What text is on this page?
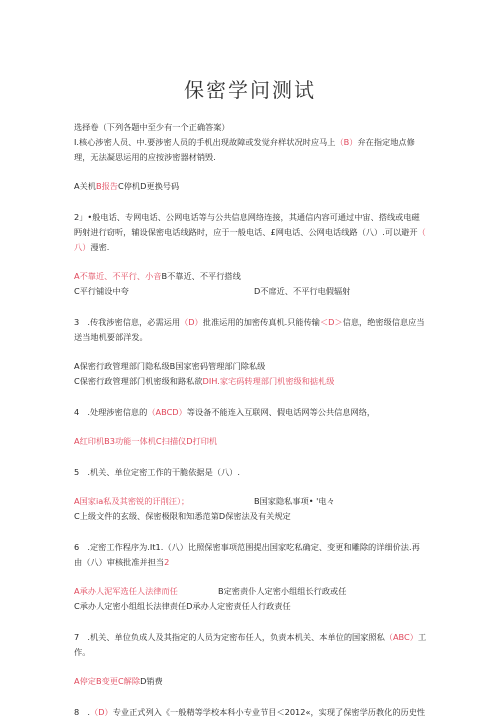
保密学问测试

选择卷（下列各题中至少有一个正确答案）

I.核心涉密人员、中.要涉密人员的手机出现故障或发觉弁样状况时应马上（B）弁在指定地点修

理，无法凝思运用的应按涉密器材销毁.

A关机B报告C停机D更换号码

2」•般电话、专网电话、公网电话等与公共信息网络连接，其通信内容可通过中宙、搭线或电磁

眄射进行窃听，辅设保密电话线路时，应于一般电话、£网电话、公网电话线路（八）.可以避开（

八）漫密.

A不靠近、不平行、小音B不靠近、不平行搭线

C平行铺设中夸	D不席近、不平行电假辐射

3　.传我涉密信息，必需运用（D）批准运用的加密传真机.只能传输＜D＞信息，绝密级信息应当

送当地机要部洋发。

A保密行政管理部门隐私级B国家密码管理部门除私级

C保密行政管理部门机密级和路私欲DIH.家宅码转理部门机密级和掂札级

4　.处理涉密信息的（ABCD）等设备不能连入互联网、假电话网等公共信息网络，

A红印机B3功能一体机C扫描仪D打印机

5　.机关、单位定密工作的干脆依据是（八）.

A国家ia私及其密锐的讦削汪）；	B国家隐私事项• '电々

C上级文件的玄级、保密极限和知悉范第D保密法及有关规定

6　.定密工作程序为.It1.（八）比照保密事项范围提出国家吃私确定、变更和雕除的详细价法.再

由（八）审核批准并担当2

A承办人泥军选任人法律而任	B定密责仆人定密小组组长行政或任

C承办人定密小组组长法律责任D承办人定密责任人行政责任

7　.机关、单位负成人及其指定的人员为定密布任人，负责本机关、本单位的国家照私（ABC）工

作。

A停定B变更C解除D销费

8　.（D）专业正式列入《一般精等学校本科小专业节目＜2012«，实现了保密学历教化的历史性
